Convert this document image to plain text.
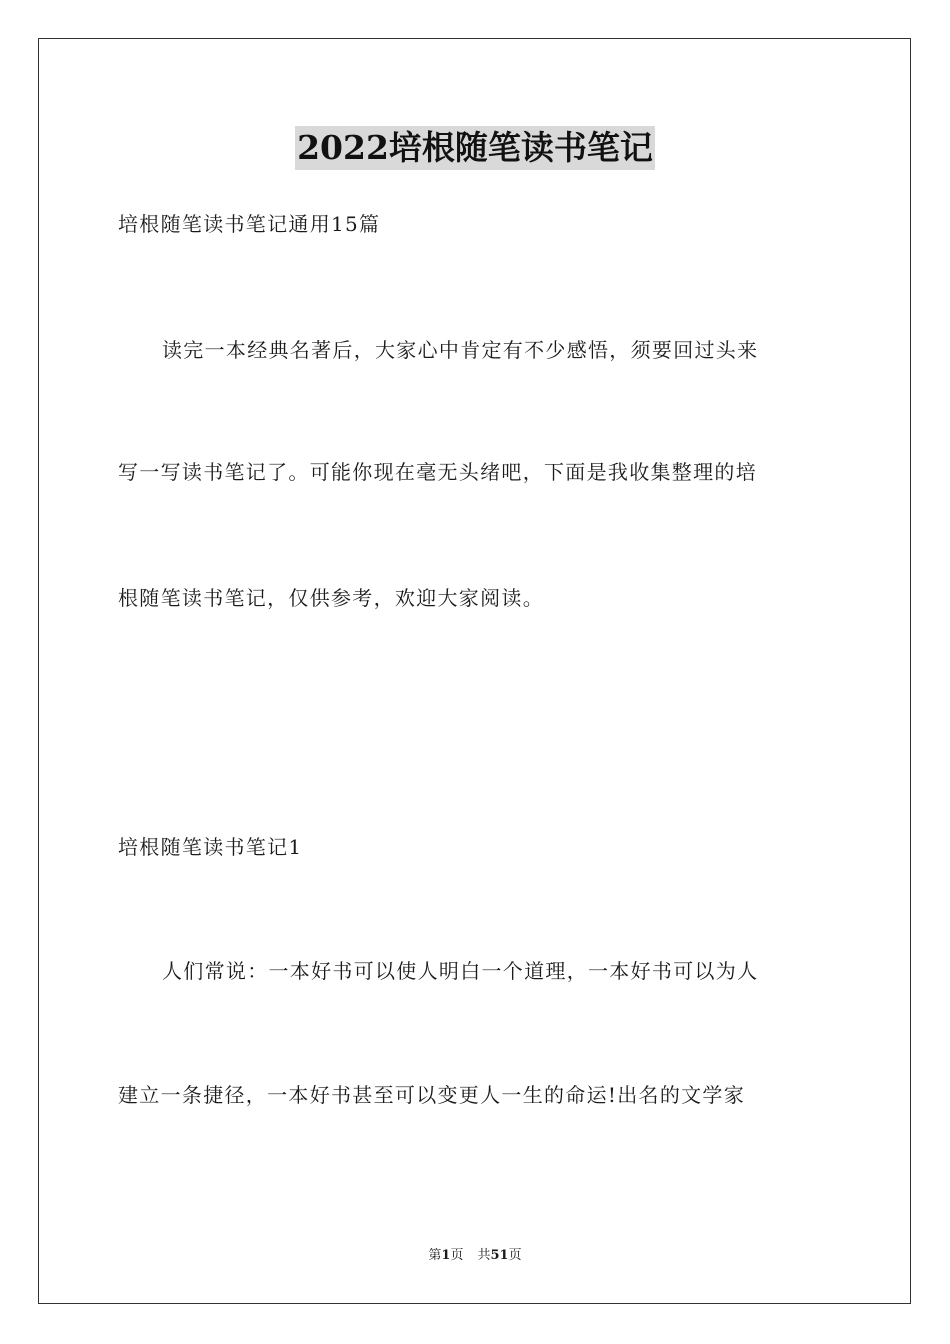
2022培根随笔读书笔记
培根随笔读书笔记通用15篇
读完一本经典名著后，大家心中肯定有不少感悟，须要回过头来
写一写读书笔记了。可能你现在毫无头绪吧，下面是我收集整理的培
根随笔读书笔记，仅供参考，欢迎大家阅读。
培根随笔读书笔记1
人们常说：一本好书可以使人明白一个道理，一本好书可以为人
建立一条捷径，一本好书甚至可以变更人一生的命运!出名的文学家
第1页 共51页
